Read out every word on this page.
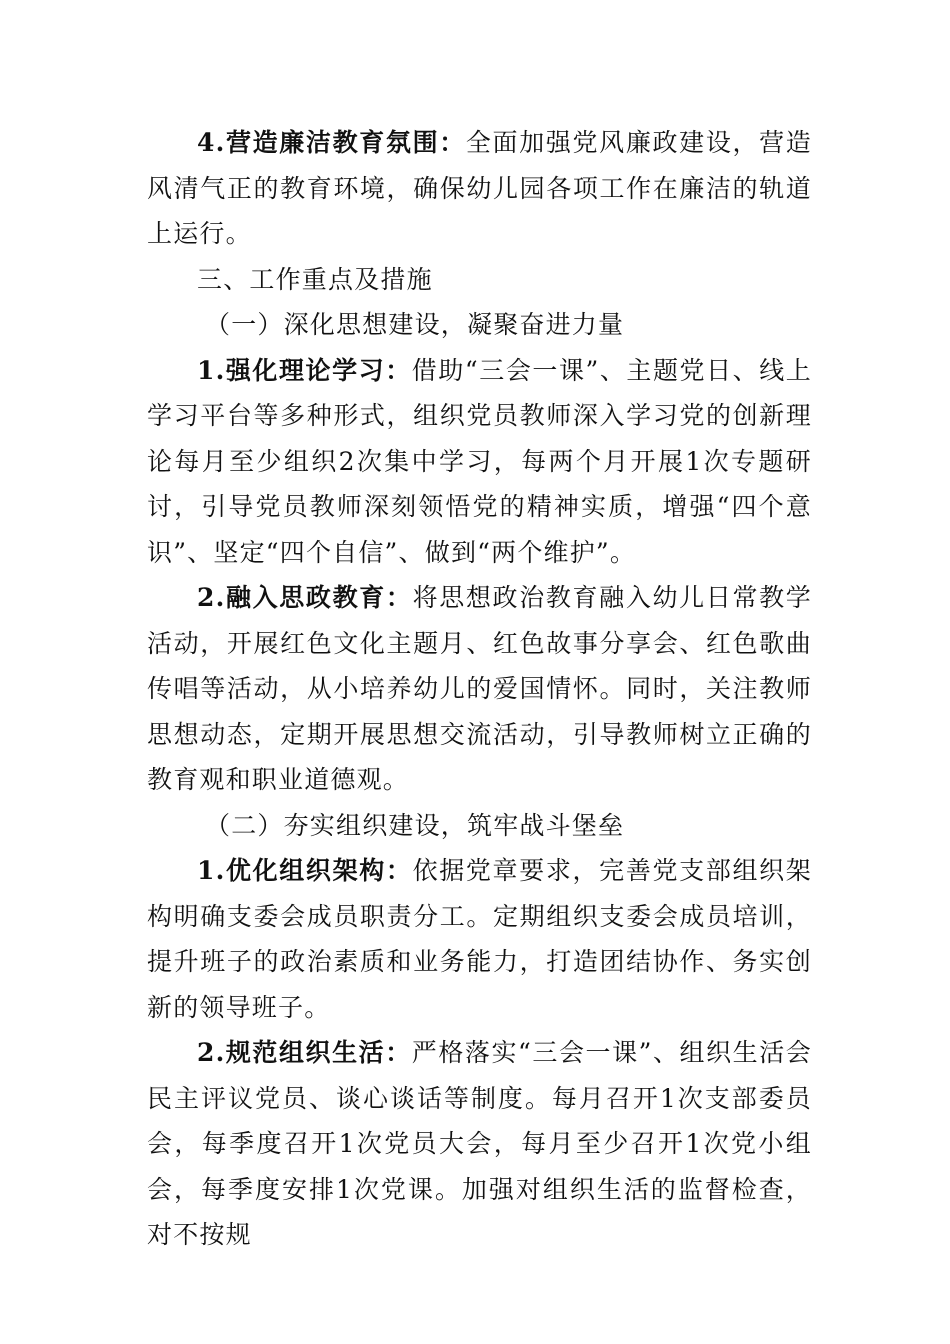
4.营造廉洁教育氛围：全面加强党风廉政建设，营造风清气正的教育环境，确保幼儿园各项工作在廉洁的轨道上运行。

三、工作重点及措施

（一）深化思想建设，凝聚奋进力量

1.强化理论学习：借助“三会一课”、主题党日、线上学习平台等多种形式，组织党员教师深入学习党的创新理论每月至少组织2次集中学习，每两个月开展1次专题研讨，引导党员教师深刻领悟党的精神实质，增强“四个意识”、坚定“四个自信”、做到“两个维护”。

2.融入思政教育：将思想政治教育融入幼儿日常教学活动，开展红色文化主题月、红色故事分享会、红色歌曲传唱等活动，从小培养幼儿的爱国情怀。同时，关注教师思想动态，定期开展思想交流活动，引导教师树立正确的教育观和职业道德观。

（二）夯实组织建设，筑牢战斗堡垒

1.优化组织架构：依据党章要求，完善党支部组织架构明确支委会成员职责分工。定期组织支委会成员培训，提升班子的政治素质和业务能力，打造团结协作、务实创新的领导班子。

2.规范组织生活：严格落实“三会一课”、组织生活会民主评议党员、谈心谈话等制度。每月召开1次支部委员会，每季度召开1次党员大会，每月至少召开1次党小组会，每季度安排1次党课。加强对组织生活的监督检查，对不按规
